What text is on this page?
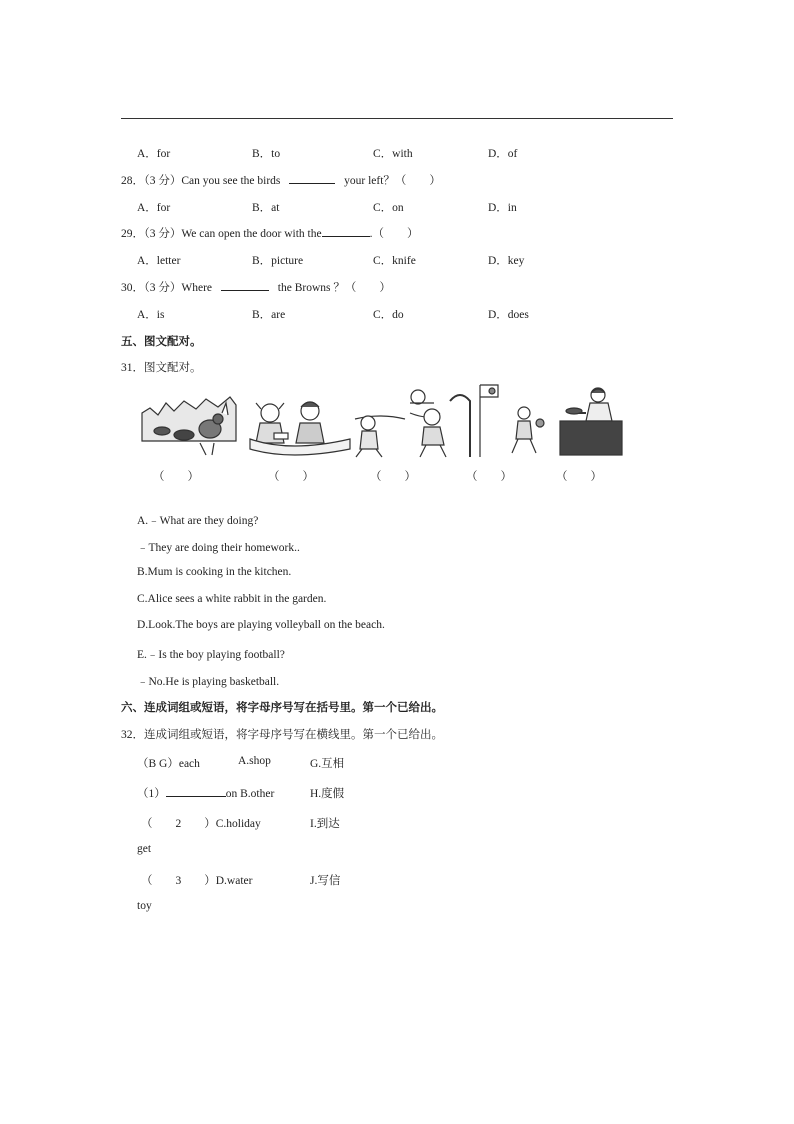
A．for	B．to	C．with	D．of
28．（3 分）Can you see the birds	your left？（　　）
A．for	B．at	C．on	D．in
29．（3 分）We can open the door with the	.（　　）
A．letter	B．picture	C．knife	D．key
30．（3 分）Where	the Browns ？（　　）
A．is	B．are	C．do	D．does
五、图文配对。
31．图文配对。
（　　）	（　　）	（　　）	（　　）	（　　）
A.﹣What are they doing?
﹣They are doing their homework..
B.Mum is cooking in the kitchen.
C.Alice sees a white rabbit in the garden.
D.Look.The boys are playing volleyball on the beach.
E.﹣Is the boy playing football?
﹣No.He is playing basketball.
六、连成词组或短语，将字母序号写在括号里。第一个已给出。
32．连成词组或短语，将字母序号写在横线里。第一个已给出。
（B G）each	A.shop	G.互相
（1）	on B.other	H.度假
（　　2　　）C.holiday	I.到达
get
（　　3　　）D.water	J.写信
toy
